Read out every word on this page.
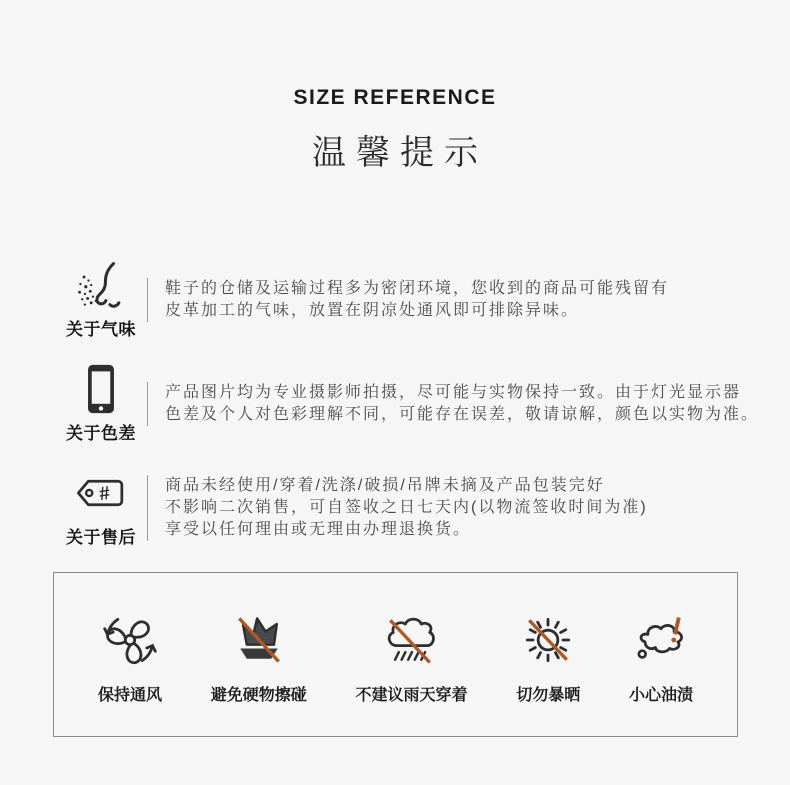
SIZE REFERENCE
温馨提示
关于气味
鞋子的仓储及运输过程多为密闭环境，您收到的商品可能残留有
皮革加工的气味，放置在阴凉处通风即可排除异味。
关于色差
产品图片均为专业摄影师拍摄，尽可能与实物保持一致。由于灯光显示器
色差及个人对色彩理解不同，可能存在误差，敬请谅解，颜色以实物为准。
#
关于售后
商品未经使用/穿着/洗涤/破损/吊牌未摘及产品包装完好
不影响二次销售，可自签收之日七天内(以物流签收时间为准)
享受以任何理由或无理由办理退换货。
保持通风	避免硬物擦碰	不建议雨天穿着	切勿暴晒	小心油渍
